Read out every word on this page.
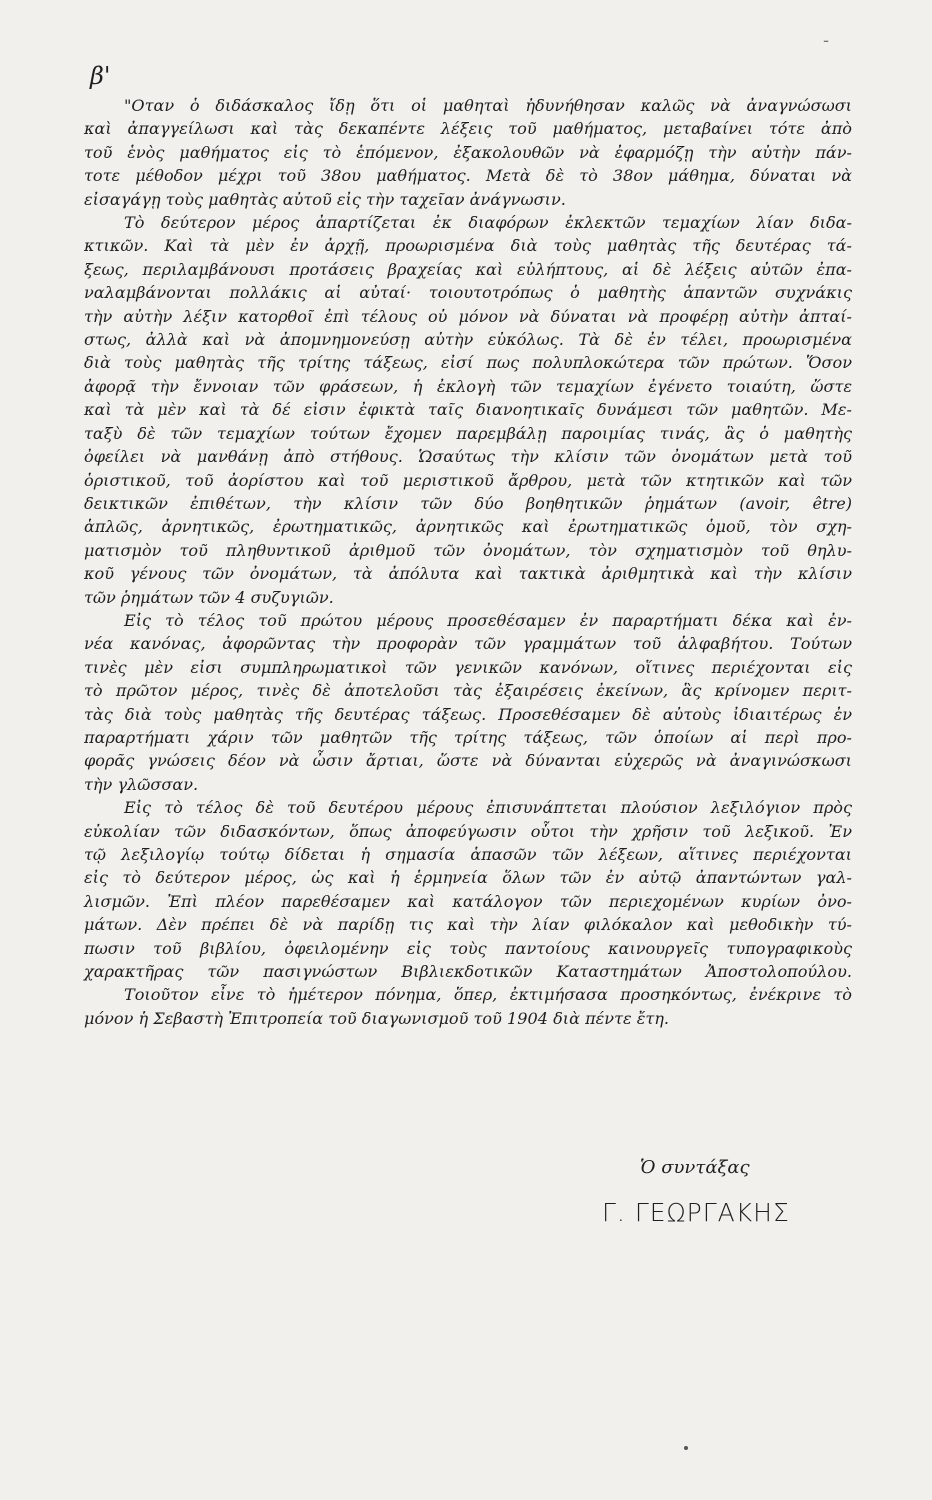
β'
-
"Οταν ὁ διδάσκαλος ἴδῃ ὅτι οἱ μαθηταὶ ἠδυνήθησαν καλῶς νὰ ἀναγνώσωσι
καὶ ἀπαγγείλωσι καὶ τὰς δεκαπέντε λέξεις τοῦ μαθήματος, μεταβαίνει τότε ἀπὸ
τοῦ ἑνὸς μαθήματος εἰς τὸ ἑπόμενον, ἐξακολουθῶν νὰ ἐφαρμόζῃ τὴν αὐτὴν πάν-
τοτε μέθοδον μέχρι τοῦ 38ου μαθήματος. Μετὰ δὲ τὸ 38ον μάθημα, δύναται νὰ
εἰσαγάγῃ τοὺς μαθητὰς αὐτοῦ εἰς τὴν ταχεῖαν ἀνάγνωσιν.
Τὸ δεύτερον μέρος ἀπαρτίζεται ἐκ διαφόρων ἐκλεκτῶν τεμαχίων λίαν διδα-
κτικῶν. Καὶ τὰ μὲν ἐν ἀρχῇ, προωρισμένα διὰ τοὺς μαθητὰς τῆς δευτέρας τά-
ξεως, περιλαμβάνουσι προτάσεις βραχείας καὶ εὐλήπτους, αἱ δὲ λέξεις αὐτῶν ἐπα-
ναλαμβάνονται πολλάκις αἱ αὐταί· τοιουτοτρόπως ὁ μαθητὴς ἁπαντῶν συχνάκις
τὴν αὐτὴν λέξιν κατορθοῖ ἐπὶ τέλους οὐ μόνον νὰ δύναται νὰ προφέρῃ αὐτὴν ἀπταί-
στως, ἀλλὰ καὶ νὰ ἀπομνημονεύσῃ αὐτὴν εὐκόλως. Τὰ δὲ ἐν τέλει, προωρισμένα
διὰ τοὺς μαθητὰς τῆς τρίτης τάξεως, εἰσί πως πολυπλοκώτερα τῶν πρώτων. Ὅσον
ἀφορᾷ τὴν ἔννοιαν τῶν φράσεων, ἡ ἐκλογὴ τῶν τεμαχίων ἐγένετο τοιαύτη, ὥστε
καὶ τὰ μὲν καὶ τὰ δέ εἰσιν ἐφικτὰ ταῖς διανοητικαῖς δυνάμεσι τῶν μαθητῶν. Με-
ταξὺ δὲ τῶν τεμαχίων τούτων ἔχομεν παρεμβάλῃ παροιμίας τινάς, ἃς ὁ μαθητὴς
ὀφείλει νὰ μανθάνῃ ἀπὸ στήθους. Ὡσαύτως τὴν κλίσιν τῶν ὀνομάτων μετὰ τοῦ
ὁριστικοῦ, τοῦ ἀορίστου καὶ τοῦ μεριστικοῦ ἄρθρου, μετὰ τῶν κτητικῶν καὶ τῶν
δεικτικῶν ἐπιθέτων, τὴν κλίσιν τῶν δύο βοηθητικῶν ῥημάτων (avoir, être)
ἁπλῶς, ἀρνητικῶς, ἐρωτηματικῶς, ἀρνητικῶς καὶ ἐρωτηματικῶς ὁμοῦ, τὸν σχη-
ματισμὸν τοῦ πληθυντικοῦ ἀριθμοῦ τῶν ὀνομάτων, τὸν σχηματισμὸν τοῦ θηλυ-
κοῦ γένους τῶν ὀνομάτων, τὰ ἀπόλυτα καὶ τακτικὰ ἀριθμητικὰ καὶ τὴν κλίσιν
τῶν ῥημάτων τῶν 4 συζυγιῶν.
Εἰς τὸ τέλος τοῦ πρώτου μέρους προσεθέσαμεν ἐν παραρτήματι δέκα καὶ ἐν-
νέα κανόνας, ἀφορῶντας τὴν προφορὰν τῶν γραμμάτων τοῦ ἀλφαβήτου. Τούτων
τινὲς μὲν εἰσι συμπληρωματικοὶ τῶν γενικῶν κανόνων, οἵτινες περιέχονται εἰς
τὸ πρῶτον μέρος, τινὲς δὲ ἀποτελοῦσι τὰς ἐξαιρέσεις ἐκείνων, ἃς κρίνομεν περιτ-
τὰς διὰ τοὺς μαθητὰς τῆς δευτέρας τάξεως. Προσεθέσαμεν δὲ αὐτοὺς ἰδιαιτέρως ἐν
παραρτήματι χάριν τῶν μαθητῶν τῆς τρίτης τάξεως, τῶν ὁποίων αἱ περὶ προ-
φορᾶς γνώσεις δέον νὰ ὦσιν ἄρτιαι, ὥστε νὰ δύνανται εὐχερῶς νὰ ἀναγινώσκωσι
τὴν γλῶσσαν.
Εἰς τὸ τέλος δὲ τοῦ δευτέρου μέρους ἐπισυνάπτεται πλούσιον λεξιλόγιον πρὸς
εὐκολίαν τῶν διδασκόντων, ὅπως ἀποφεύγωσιν οὗτοι τὴν χρῆσιν τοῦ λεξικοῦ. Ἐν
τῷ λεξιλογίῳ τούτῳ δίδεται ἡ σημασία ἁπασῶν τῶν λέξεων, αἵτινες περιέχονται
εἰς τὸ δεύτερον μέρος, ὡς καὶ ἡ ἑρμηνεία ὅλων τῶν ἐν αὐτῷ ἀπαντώντων γαλ-
λισμῶν. Ἐπὶ πλέον παρεθέσαμεν καὶ κατάλογον τῶν περιεχομένων κυρίων ὀνο-
μάτων. Δὲν πρέπει δὲ νὰ παρίδῃ τις καὶ τὴν λίαν φιλόκαλον καὶ μεθοδικὴν τύ-
πωσιν τοῦ βιβλίου, ὀφειλομένην εἰς τοὺς παντοίους καινουργεῖς τυπογραφικοὺς
χαρακτῆρας τῶν πασιγνώστων Βιβλιεκδοτικῶν Καταστημάτων Ἀποστολοπούλου.
Τοιοῦτον εἶνε τὸ ἡμέτερον πόνημα, ὅπερ, ἐκτιμήσασα προσηκόντως, ἐνέκρινε τὸ
μόνον ἡ Σεβαστὴ Ἐπιτροπεία τοῦ διαγωνισμοῦ τοῦ 1904 διὰ πέντε ἔτη.
Ὁ συντάξας
Γ. ΓΕΩΡΓΑΚΗΣ
